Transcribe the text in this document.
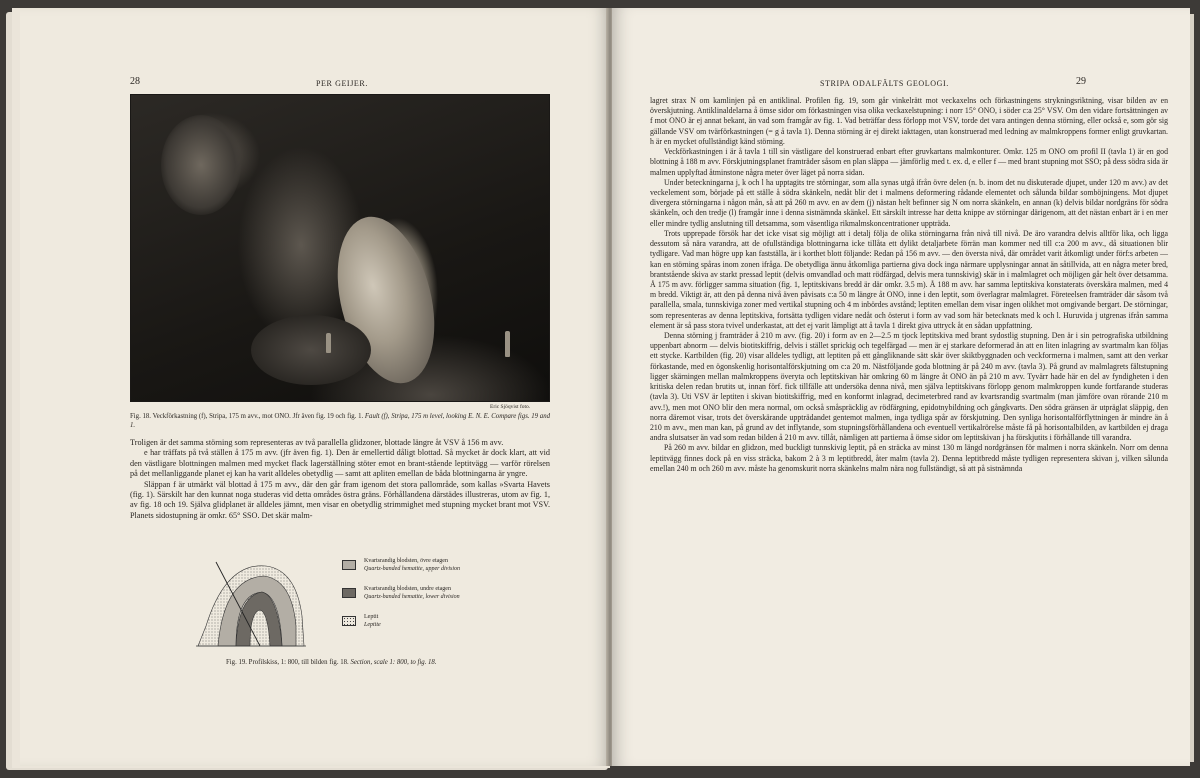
28	PER GEIJER.
Eric Sjöqvist foto.
Fig. 18. Veckförkastning (f), Stripa, 175 m avv., mot ONO. Jfr även fig. 19 och fig. 1. Fault (f), Stripa, 175 m level, looking E. N. E. Compare figs. 19 and 1.

Troligen är det samma störning som representeras av två parallella glidzoner, blottade längre åt VSV å 156 m avv.

e har träffats på två ställen å 175 m avv. (jfr även fig. 1). Den är emellertid dåligt blottad. Så mycket är dock klart, att vid den västligare blottningen malmen med mycket flack lagerställning stöter emot en brant-stående leptitvägg — varför rörelsen på det mellanliggande planet ej kan ha varit alldeles obetydlig — samt att apliten emellan de båda blottningarna är yngre.

Släppan f är utmärkt väl blottad å 175 m avv., där den går fram igenom det stora pallområde, som kallas »Svarta Havets (fig. 1). Särskilt har den kunnat noga studeras vid detta områdes östra gräns. Förhållandena därstädes illustreras, utom av fig. 1, av fig. 18 och 19. Själva glidplanet är alldeles jämnt, men visar en obetydlig strimmighet med stupning mycket brant mot VSV. Planets sidostupning är omkr. 65° SSO. Det skär malm-

Kvartsrandig blodsten, övre etagen
Quartz-banded hematite, upper division
Kvartsrandig blodsten, undre etagen
Quartz-banded hematite, lower division
Leptit
Leptite
Fig. 19. Profilskiss, 1: 800, till bilden fig. 18. Section, scale 1: 800, to fig. 18.
STRIPA ODALFÄLTS GEOLOGI.	29

lagret strax N om kamlinjen på en antiklinal. Profilen fig. 19, som går vinkelrätt mot veckaxelns och förkastningens strykningsriktning, visar bilden av en överskjutning. Antiklinaldelarna å ömse sidor om förkastningen visa olika veckaxelstupning: i norr 15° ONO, i söder c:a 25° VSV. Om den vidare fortsättningen av f mot ONO är ej annat bekant, än vad som framgår av fig. 1. Vad beträffar dess förlopp mot VSV, torde det vara antingen denna störning, eller också e, som gör sig gällande VSV om tvärförkastningen (= g å tavla 1). Denna störning är ej direkt iakttagen, utan konstruerad med ledning av malmkroppens former enligt gruvkartan. h är en mycket ofullständigt känd störning.

Veckförkastningen i är å tavla 1 till sin västligare del konstruerad enbart efter gruvkartans malmkonturer. Omkr. 125 m ONO om profil II (tavla 1) är en god blottning å 188 m avv. Förskjutningsplanet framträder såsom en plan släppa — jämförlig med t. ex. d, e eller f — med brant stupning mot SSO; på dess södra sida är malmen upplyftad åtminstone några meter över läget på norra sidan.

Under beteckningarna j, k och l ha upptagits tre störningar, som alla synas utgå ifrån övre delen (n. b. inom det nu diskuterade djupet, under 120 m avv.) av det veckelement som, började på ett ställe å södra skänkeln, nedåt blir det i malmens deformering rådande elementet och sålunda bildar somböjningens. Mot djupet divergera störningarna i någon mån, så att på 260 m avv. en av dem (j) nästan helt befinner sig N om norra skänkeln, en annan (k) delvis bildar nordgräns för södra skänkeln, och den tredje (l) framgår inne i denna sistnämnda skänkel. Ett särskilt intresse har detta knippe av störningar därigenom, att det nästan enbart är i en mer eller mindre tydlig anslutning till detsamma, som väsentliga rikmalmskoncentrationer uppträda.

Trots upprepade försök har det icke visat sig möjligt att i detalj följa de olika störningarna från nivå till nivå. De äro varandra delvis alltför lika, och ligga dessutom så nära varandra, att de ofullständiga blottningarna icke tillåta ett dylikt detaljarbete förrän man kommer ned till c:a 200 m avv., då situationen blir tydligare. Vad man högre upp kan fastställa, är i korthet blott följande: Redan på 156 m avv. — den översta nivå, där området varit åtkomligt under förf:s arbeten — kan en störning spåras inom zonen ifråga. De obetydliga ännu åtkomliga partierna giva dock inga närmare upplysningar annat än såtillvida, att en några meter bred, brantstående skiva av starkt pressad leptit (delvis omvandlad och matt rödfärgad, delvis mera tunnskivig) skär in i malmlagret och möjligen går helt över detsamma. Å 175 m avv. förligger samma situation (fig. 1, leptitskivans bredd är där omkr. 3.5 m). Å 188 m avv. har samma leptitskiva konstaterats överskära malmen, med 4 m bredd. Viktigt är, att den på denna nivå även påvisats c:a 50 m längre åt ONO, inne i den leptit, som överlagrar malmlagret. Företeelsen framträder där såsom två parallella, smala, tunnskiviga zoner med vertikal stupning och 4 m inbördes avstånd; leptiten emellan dem visar ingen olikhet mot omgivande bergart. De störningar, som representeras av denna leptitskiva, fortsätta tydligen vidare nedåt och österut i form av vad som här betecknats med k och l. Huruvida j utgrenas ifrån samma element är så pass stora tvivel underkastat, att det ej varit lämpligt att å tavla 1 direkt giva uttryck åt en sådan uppfattning.

Denna störning j framträder å 210 m avv. (fig. 20) i form av en 2—2.5 m tjock leptitskiva med brant sydostlig stupning. Den är i sin petrografiska utbildning uppenbart abnorm — delvis biotitskiffrig, delvis i stället sprickig och tegelfärgad — men är ej starkare deformerad än att en liten inlagring av svartmalm kan följas ett stycke. Kartbilden (fig. 20) visar alldeles tydligt, att leptiten på ett gångliknande sätt skär över skiktbyggnaden och veckformerna i malmen, samt att den verkar förkastande, med en ögonskenlig horisontalförskjutning om c:a 20 m. Nästföljande goda blottning är på 240 m avv. (tavla 3). På grund av malmlagrets fältstupning ligger skärningen mellan malmkroppens överyta och leptitskivan här omkring 60 m längre åt ONO än på 210 m avv. Tyvärr hade här en del av fyndigheten i den kritiska delen redan brutits ut, innan förf. fick tillfälle att undersöka denna nivå, men själva leptitskivans förlopp genom malmkroppen kunde fortfarande studeras (tavla 3). Uti VSV är leptiten i skivan biotitskiffrig, med en konformt inlagrad, decimeterbred rand av kvartsrandig svartmalm (man jämföre ovan rörande 210 m avv.!), men mot ONO blir den mera normal, om också småspräcklig av rödfärgning, epidotnybildning och gångkvarts. Den södra gränsen är utpräglat släppig, den norra däremot visar, trots det överskärande uppträdandet gentemot malmen, inga tydliga spår av förskjutning. Den synliga horisontalförflyttningen är mindre än å 210 m avv., men man kan, på grund av det inflytande, som stupningsförhållandena och eventuell vertikalrörelse måste få på horisontalbilden, av kartbilden ej draga andra slutsatser än vad som redan bilden å 210 m avv. tillåt, nämligen att partierna å ömse sidor om leptitskivan j ha förskjutits i förhållande till varandra.

På 260 m avv. bildar en glidzon, med buckligt tunnskivig leptit, på en sträcka av minst 130 m längd nordgränsen för malmen i norra skänkeln. Norr om denna leptitvägg finnes dock på en viss sträcka, bakom 2 à 3 m leptitbredd, åter malm (tavla 2). Denna leptitbredd måste tydligen representera skivan j, vilken sålunda emellan 240 m och 260 m avv. måste ha genomskurit norra skänkelns malm nära nog fullständigt, så att på sistnämnda
